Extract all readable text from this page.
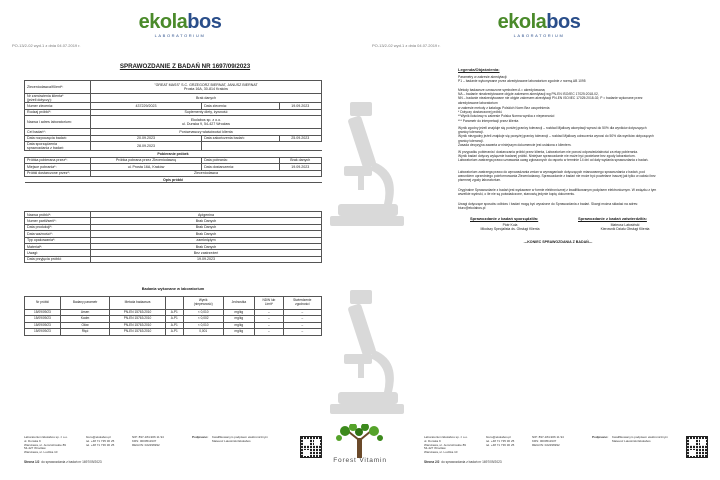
ekolabos
LABORATORIUM
PO-13/2-02 wyd.1 z dnia 04.07.2019 r.
SPRAWOZDANIE Z BADAŃ NR 1697/09/2023
Zleceniodawca/Klient*:	"GREAT MASS" S.C. GRZEGORZ BIERNAT, JANUSZ BIERNAT
Prosta 16A, 30-814 Kraków		
Nr zamówienia klienta*
(jeżeli dotyczy):	Brak danych		
Numer zlecenia:	437229/2023	Data zlecenia:	19.09.2023
Rodzaj próbki*:	Suplementy diety, żywność		
Nazwa i adres laboratorium:	Ekolabos sp. z o.o.
ul. Dunska 9, 54-427 Wrocław		
Cel badań*:	Porównawczy właściwości klienta		
Data rozpoczęcia badań:	20.09.2023	Data zakończenia badań:	25.09.2023
Data sporządzenia
sprawozdania z badań:	28.09.2023		
Pobieranie próbek			
Próbka pobierana przez*:	Próbka pobrana przez Zleceniodawcę	Data pobrania:	Brak danych
Miejsce pobrania*:	ul. Prosta 16A, Kraków	Data dostarczenia:	19.09.2023
Próbki dostarczone przez*:	Zleceniodawca		
Opis próbki			
Nazwa próbki*:	Apigenina
Numer partii/serii*:	Brak Danych
Data produkcji*:	Brak Danych
Data ważności*:	Brak Danych
Typ opakowania*:	zamkniętym
Materiał*:	Brak Danych
Uwagi:	Bez zastrzeżeń
Data przyjęcia próbki:	19.09.2023
Badania wykonane w laboratorium
Nr próbki	Badany parametr	Metoda badawcza		Wynik
(niepewność)	Jednostka	NDW lub
Limit*	Stwierdzenie
zgodności
15/09/09/23	Arsen	PN-EN 15763:2010	A-P1	< 0,010	mg/kg	–	–
15/09/09/23	Kadm	PN-EN 15763:2010	A-P1	< 0,002	mg/kg	–	–
15/09/09/23	Ołów	PN-EN 15763:2010	A-P1	< 0,010	mg/kg	–	–
15/09/09/23	Rtęć	PN-EN 15763:2010	A-P1	0,001	mg/kg	–	–
Laboratorium Ekolabos sp. z o.o.
ul. Dunska 9
Warszawa, ul. Jerozolimskie 89
54-427 Wrocław
Warszawa, ul. Ludzka 10
biuro@ekolabos.pl
tel. +48 71 735 30 25
tel. +48 71 736 30 25
NIP: 897-184-906 11 94
KRS: 0000511937
REGON: 022296992
Podpisano:	Kwalifikowanym podpisem elektronicznym
Mateusz Latosiński Ekolabos
Strona 1/2 do sprawozdania z badań nr 1697/09/2023
ekolabos
LABORATORIUM
PO-13/2-02 wyd.1 z dnia 04.07.2019 r.
Legenda/Objaśnienia:
Parametry w zakresie akredytacji:
P1 – badanie wykonywane przez akredytowane laboratorium zgodnie z normą AB 1095
Metody badawcze oznaczone symbolem A = akredytowana;
NA – badanie nieakredytowane objęte zakresem akredytacji wg PN-EN ISO/IEC 17025:2018-02,
NN – badanie nieakredytowane nie objęte zakresem akredytacji PN-EN ISO/IEC 17025:2018-02; P = badanie wykonane przez akredytowane laboratorium
w zakresie metody z katalogu Polskich Norm Bez uzupełnienia
* Dotyczy dostarczonej próbki.
**Wynik ilościowy w zakresie Polska Norma wynika z niepewności
*** Parametr do interpretacji przez klienta
Wynik zgodny jeżeli znajduje się poniżej granicy tolerancji – rozkład Mjallowy akceptacji wynosi do 50% dla wyników dotyczących granicy tolerancji.
Wynik niezgodny jeżeli znajduje się powyżej granicy tolerancji – rozkład Mjallowy odrzucenia wynosi do 50% dla wyników dotyczących granicy tolerancji.
Zasada decyzyjna zawarta w niniejszym dokumencie jest ustalona z klientem.
W przypadku pobierania i dostarczania próbki przez klienta, Laboratorium nie ponosi odpowiedzialności za etap pobierania.
Wynik badań dotyczy wyłącznie badanej próbki. Niniejsze sprawozdanie nie może być powielane bez zgody laboratorium.
Laboratorium zastrzega prawo uznawania uwag zgłoszonych do raportu w terminie 14 dni od daty wydania sprawozdania z badań.
Laboratorium zastrzega prawo do wprowadzania zmian w wymaganiach dotyczących mianowanego sprawozdania z badań, pod warunkiem uprzedniego poinformowania Zleceniodawcy. Sprawozdanie z badań nie może być powielane inaczej jak tylko w całości bez pisemnej zgody laboratorium.
Oryginalne Sprawozdanie z badań jest wydawane w formie elektronicznej z kwalifikowanym podpisem elektronicznym. W związku z tym wszelkie wydruki, o ile nie są poświadczone, stanowią jedynie kopię dokumentu.
Uwagi dotyczące sposobu odbioru i badań mogą być wyrażone do Sprawozdania z badań. Skargi można składać na adres: biuro@ekolabos.pl
Sprawozdanie z badań sporządził/a:
Piotr Kula
Młodszy Specjalista ds. Obsługi Klienta
Sprawozdanie z badań zatwierdził/a:
Mateusz Latosiński
Kierownik Działu Obsługi Klienta
---KONIEC SPRAWOZDANIA Z BADAŃ---
Laboratorium Ekolabos sp. z o.o.
ul. Dunska 9
Warszawa, ul. Jerozolimskie 89
54-427 Wrocław
Warszawa, ul. Ludzka 10
biuro@ekolabos.pl
tel. +48 71 735 30 25
tel. +48 71 736 30 25
NIP: 897-184-906 11 94
KRS: 0000511937
REGON: 022296992
Podpisano:	Kwalifikowanym podpisem elektronicznym
Mateusz Latosiński Ekolabos
Strona 2/2 do sprawozdania z badań nr 1697/09/2023
Forest Vitamin
